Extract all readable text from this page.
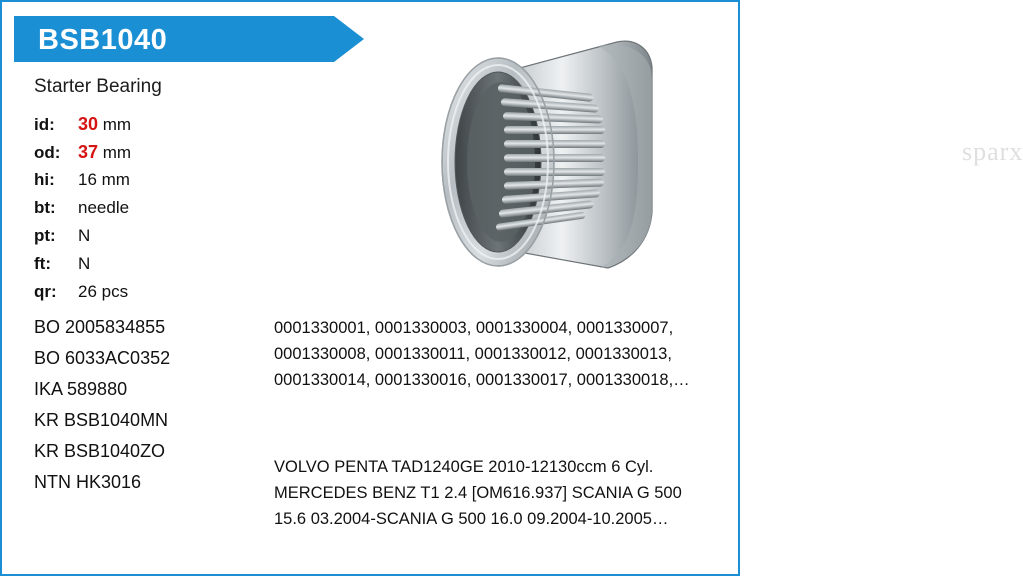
BSB1040
Starter Bearing
id:	30 mm
od: 37 mm
hi:	16 mm
bt:	needle
pt:	N
ft:	N
qr:	26 pcs
BO 2005834855
BO 6033AC0352
IKA 589880
KR BSB1040MN
KR BSB1040ZO
NTN HK3016
0001330001, 0001330003, 0001330004, 0001330007, 0001330008, 0001330011, 0001330012, 0001330013, 0001330014, 0001330016, 0001330017, 0001330018,…
VOLVO PENTA TAD1240GE 2010-12130ccm 6 Cyl. MERCEDES BENZ T1 2.4 [OM616.937] SCANIA G 500 15.6 03.2004-SCANIA G 500 16.0 09.2004-10.2005…
sparx
